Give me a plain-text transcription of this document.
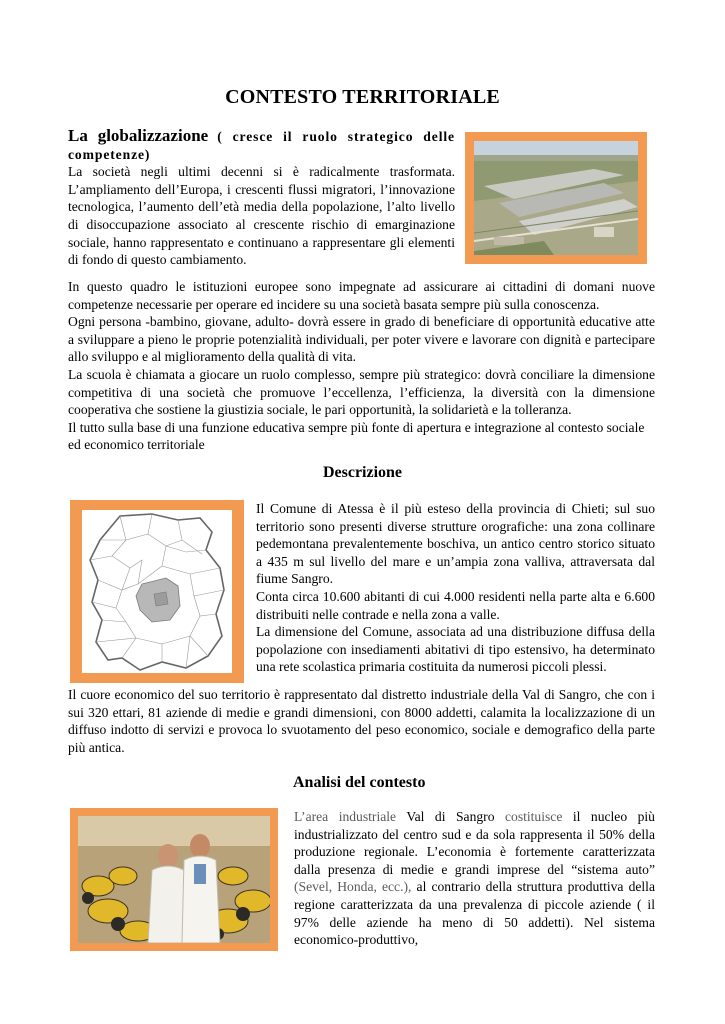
CONTESTO TERRITORIALE
La globalizzazione ( cresce il ruolo strategico delle competenze)

La società negli ultimi decenni si è radicalmente trasformata. L’ampliamento dell’Europa, i crescenti flussi migratori, l’innovazione tecnologica, l’aumento dell’età media della popolazione, l’alto livello di disoccupazione associato al crescente rischio di emarginazione sociale, hanno rappresentato e continuano a rappresentare gli elementi di fondo di questo cambiamento.

In questo quadro le istituzioni europee sono impegnate ad assicurare ai cittadini di domani nuove competenze necessarie per operare ed incidere su una società basata sempre più sulla conoscenza.

Ogni persona -bambino, giovane, adulto- dovrà essere in grado di beneficiare di opportunità educative atte a sviluppare a pieno le proprie potenzialità individuali, per poter vivere e lavorare con dignità e partecipare allo sviluppo e al miglioramento della qualità di vita.

La scuola è chiamata a giocare un ruolo complesso, sempre più strategico: dovrà conciliare la dimensione competitiva di una società che promuove l’eccellenza, l’efficienza, la diversità con la dimensione cooperativa che sostiene la giustizia sociale, le pari opportunità, la solidarietà e la tolleranza.

Il tutto sulla base di una funzione educativa sempre più fonte di apertura e integrazione al contesto sociale ed economico territoriale

Descrizione

Il Comune di Atessa è il più esteso della provincia di Chieti; sul suo territorio sono presenti diverse strutture orografiche: una zona collinare pedemontana prevalentemente boschiva, un antico centro storico situato a 435 m sul livello del mare e un’ampia zona valliva, attraversata dal fiume Sangro.

Conta circa 10.600 abitanti di cui 4.000 residenti nella parte alta e 6.600 distribuiti nelle contrade e nella zona a valle.

La dimensione del Comune, associata ad una distribuzione diffusa della popolazione con insediamenti abitativi di tipo estensivo, ha determinato una rete scolastica primaria costituita da numerosi piccoli plessi.

Il cuore economico del suo territorio è rappresentato dal distretto industriale della Val di Sangro, che con i sui 320 ettari, 81 aziende di medie e grandi dimensioni, con 8000 addetti, calamita la localizzazione di un diffuso indotto di servizi e provoca lo svuotamento del peso economico, sociale e demografico della parte più antica.

Analisi del contesto
L’area industriale Val di Sangro costituisce il nucleo più industrializzato del centro sud e da sola rappresenta il 50% della produzione regionale. L’economia è fortemente caratterizzata dalla presenza di medie e grandi imprese del “sistema auto” (Sevel, Honda, ecc.), al contrario della struttura produttiva della regione caratterizzata da una prevalenza di piccole aziende ( il 97% delle aziende ha meno di 50 addetti). Nel sistema economico-produttivo,
